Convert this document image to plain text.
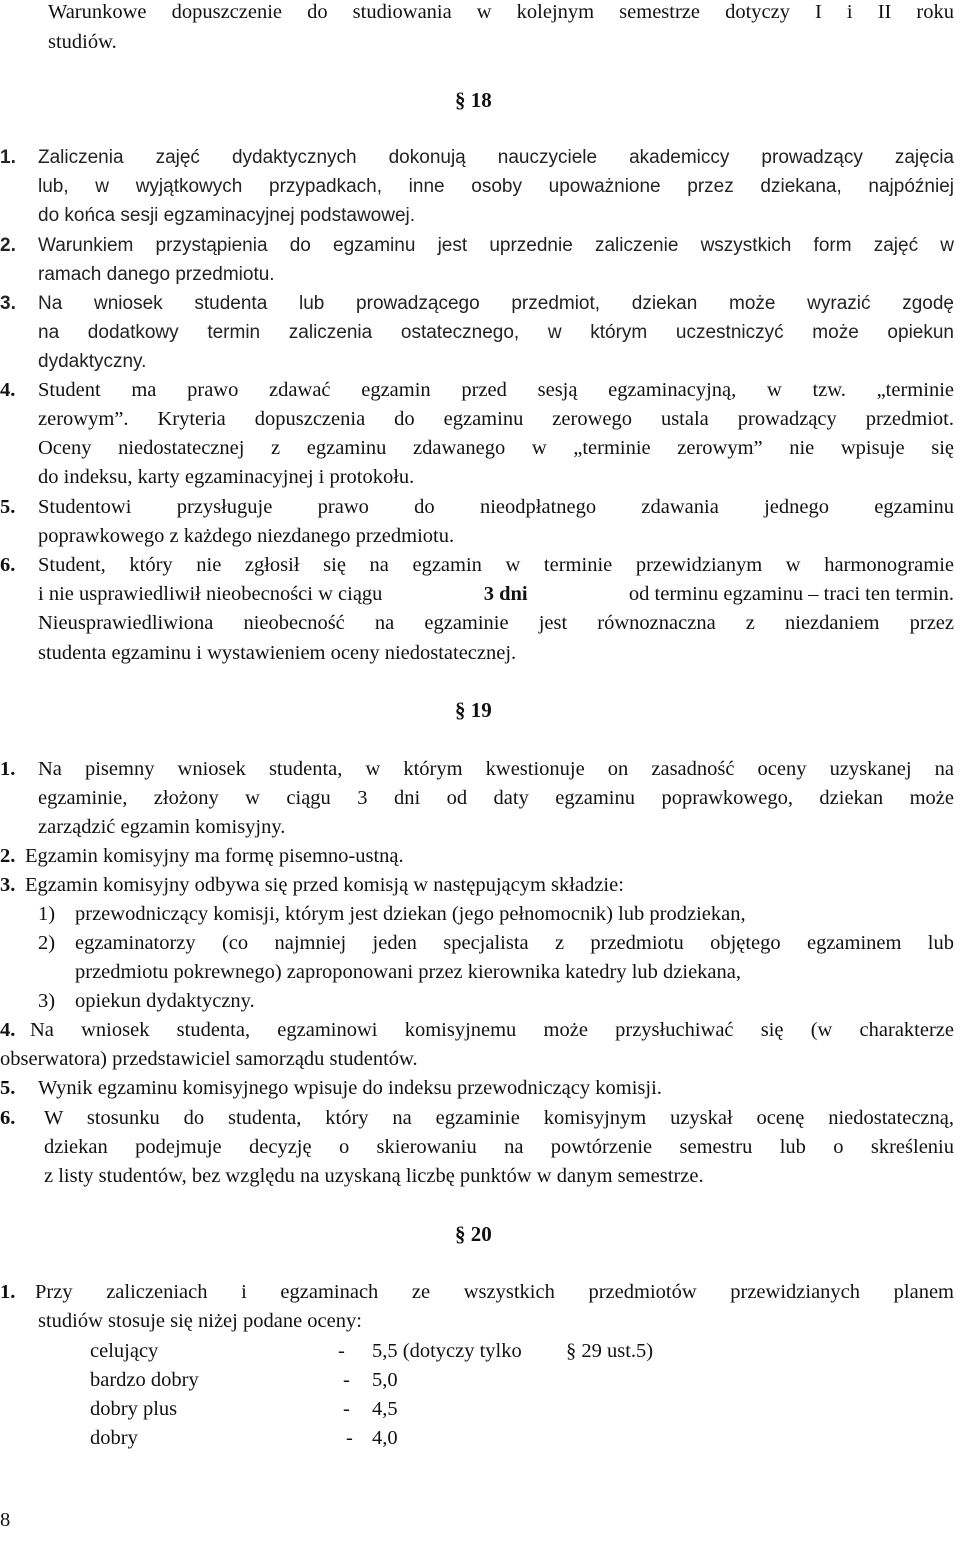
Warunkowe dopuszczenie do studiowania w kolejnym semestrze dotyczy I i II roku
studiów.
§ 18
1. Zaliczenia zajęć dydaktycznych dokonują nauczyciele akademiccy prowadzący zajęcia
lub, w wyjątkowych przypadkach, inne osoby upoważnione przez dziekana, najpóźniej
do końca sesji egzaminacyjnej podstawowej.
2. Warunkiem przystąpienia do egzaminu jest uprzednie zaliczenie wszystkich form zajęć w
ramach danego przedmiotu.
3. Na wniosek studenta lub prowadzącego przedmiot, dziekan może wyrazić zgodę
na dodatkowy termin zaliczenia ostatecznego, w którym uczestniczyć może opiekun
dydaktyczny.
4. Student ma prawo zdawać egzamin przed sesją egzaminacyjną, w tzw. „terminie
zerowym”. Kryteria dopuszczenia do egzaminu zerowego ustala prowadzący przedmiot.
Oceny niedostatecznej z egzaminu zdawanego w „terminie zerowym” nie wpisuje się
do indeksu, karty egzaminacyjnej i protokołu.
5. Studentowi przysługuje prawo do nieodpłatnego zdawania jednego egzaminu
poprawkowego z każdego niezdanego przedmiotu.
6. Student, który nie zgłosił się na egzamin w terminie przewidzianym w harmonogramie
i nie usprawiedliwił nieobecności w ciągu	3 dni	od terminu egzaminu – traci ten termin.
Nieusprawiedliwiona nieobecność na egzaminie jest równoznaczna z niezdaniem przez
studenta egzaminu i wystawieniem oceny niedostatecznej.
§ 19
1. Na pisemny wniosek studenta, w którym kwestionuje on zasadność oceny uzyskanej na
egzaminie, złożony w ciągu 3 dni od daty egzaminu poprawkowego, dziekan może
zarządzić egzamin komisyjny.
2. Egzamin komisyjny ma formę pisemno-ustną.
3. Egzamin komisyjny odbywa się przed komisją w następującym składzie:
1) przewodniczący komisji, którym jest dziekan (jego pełnomocnik) lub prodziekan,
2) egzaminatorzy (co najmniej jeden specjalista z przedmiotu objętego egzaminem lub
przedmiotu pokrewnego) zaproponowani przez kierownika katedry lub dziekana,
3) opiekun dydaktyczny.
4. Na wniosek studenta, egzaminowi komisyjnemu może przysłuchiwać się (w charakterze
obserwatora) przedstawiciel samorządu studentów.
5. Wynik egzaminu komisyjnego wpisuje do indeksu przewodniczący komisji.
6. W stosunku do studenta, który na egzaminie komisyjnym uzyskał ocenę niedostateczną,
dziekan podejmuje decyzję o skierowaniu na powtórzenie semestru lub o skreśleniu
z listy studentów, bez względu na uzyskaną liczbę punktów w danym semestrze.
§ 20
1. Przy zaliczeniach i egzaminach ze wszystkich przedmiotów przewidzianych planem
studiów stosuje się niżej podane oceny:
celujący	- 5,5 (dotyczy tylko § 29 ust.5)
bardzo dobry	- 5,0
dobry plus	- 4,5
dobry	- 4,0
8
